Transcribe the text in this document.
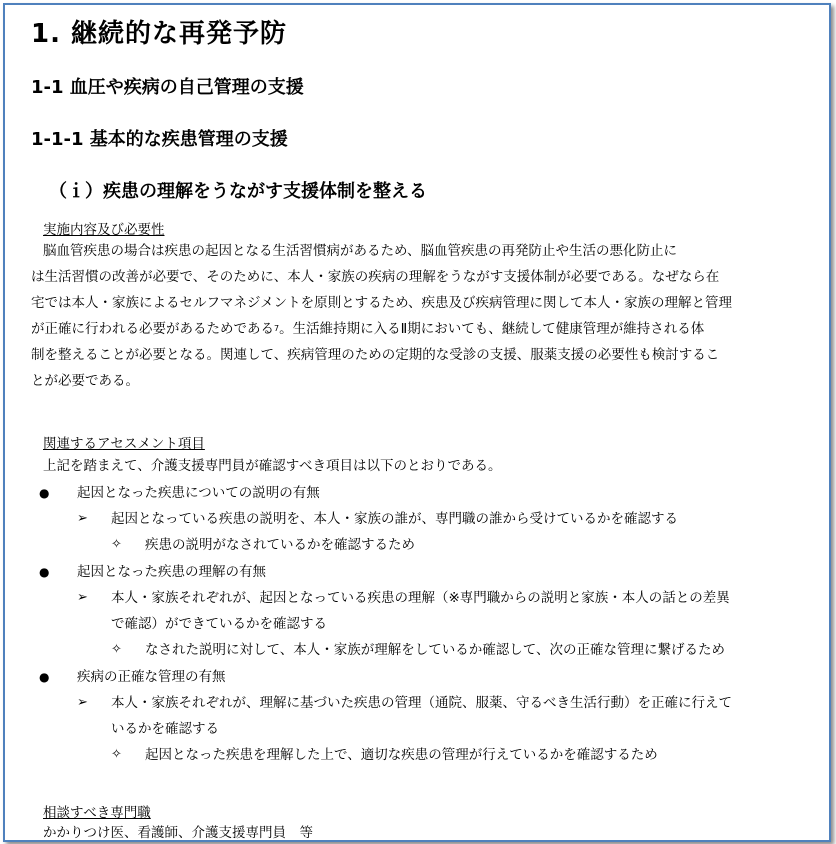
1. 継続的な再発予防
1-1 血圧や疾病の自己管理の支援
1-1-1 基本的な疾患管理の支援
（ｉ）疾患の理解をうながす支援体制を整える
実施内容及び必要性
脳血管疾患の場合は疾患の起因となる生活習慣病があるため、脳血管疾患の再発防止や生活の悪化防止に
は生活習慣の改善が必要で、そのために、本人・家族の疾病の理解をうながす支援体制が必要である。なぜなら在
宅では本人・家族によるセルフマネジメントを原則とするため、疾患及び疾病管理に関して本人・家族の理解と管理
が正確に行われる必要があるためである$^7$。生活維持期に入るⅡ期においても、継続して健康管理が維持される体
制を整えることが必要となる。関連して、疾病管理のための定期的な受診の支援、服薬支援の必要性も検討するこ
とが必要である。
関連するアセスメント項目
上記を踏まえて、介護支援専門員が確認すべき項目は以下のとおりである。
● 起因となった疾患についての説明の有無
➢ 起因となっている疾患の説明を、本人・家族の誰が、専門職の誰から受けているかを確認する
✧ 疾患の説明がなされているかを確認するため
● 起因となった疾患の理解の有無
➢ 本人・家族それぞれが、起因となっている疾患の理解（※専門職からの説明と家族・本人の話との差異
で確認）ができているかを確認する
✧ なされた説明に対して、本人・家族が理解をしているか確認して、次の正確な管理に繋げるため
● 疾病の正確な管理の有無
➢ 本人・家族それぞれが、理解に基づいた疾患の管理（通院、服薬、守るべき生活行動）を正確に行えて
いるかを確認する
✧ 起因となった疾患を理解した上で、適切な疾患の管理が行えているかを確認するため
相談すべき専門職
かかりつけ医、看護師、介護支援専門員　等
